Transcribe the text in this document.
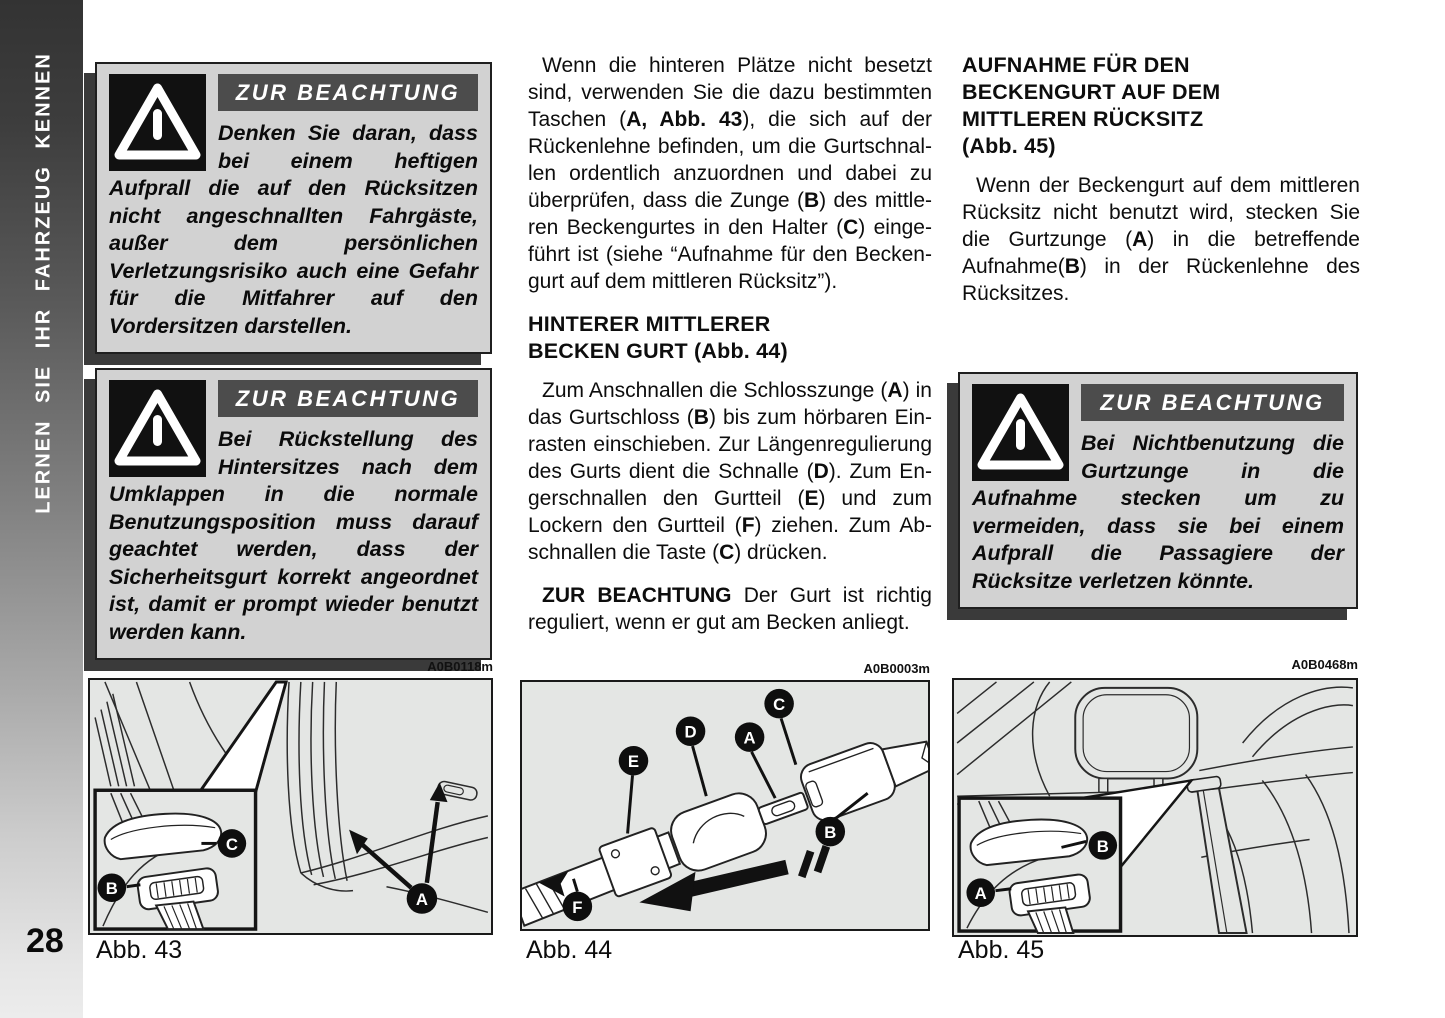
LERNEN SIE IHR FAHRZEUG KENNEN
28
ZUR BEACHTUNG

Denken Sie daran, dass bei einem heftigen Aufprall die auf den Rücksitzen nicht angeschnallten Fahrgäste, außer dem persönlichen Verletzungsrisiko auch eine Gefahr für die Mitfahrer auf den Vordersitzen darstellen.

ZUR BEACHTUNG

Bei Rückstellung des Hintersitzes nach dem Umklappen in die normale Benutzungsposition muss darauf geachtet werden, dass der Sicherheitsgurt korrekt angeordnet ist, damit er prompt wieder benutzt werden kann.

Wenn die hinteren Plätze nicht besetzt sind, verwenden Sie die dazu bestimmten Taschen (A, Abb. 43), die sich auf der Rückenlehne befinden, um die Gurtschnallen ordentlich anzuordnen und dabei zu überprüfen, dass die Zunge (B) des mittleren Beckengurtes in den Halter (C) eingeführt ist (siehe “Aufnahme für den Beckengurt auf dem mittleren Rücksitz”).

HINTERER MITTLERER
BECKEN GURT (Abb. 44)

Zum Anschnallen die Schlosszunge (A) in das Gurtschloss (B) bis zum hörbaren Einrasten einschieben. Zur Längenregulierung des Gurts dient die Schnalle (D). Zum Engerschnallen den Gurtteil (E) und zum Lockern den Gurtteil (F) ziehen. Zum Abschnallen die Taste (C) drücken.

ZUR BEACHTUNG Der Gurt ist richtig reguliert, wenn er gut am Becken anliegt.

AUFNAHME FÜR DEN
BECKENGURT AUF DEM
MITTLEREN RÜCKSITZ
(Abb. 45)

Wenn der Beckengurt auf dem mittleren Rücksitz nicht benutzt wird, stecken Sie die Gurtzunge (A) in die betreffende Aufnahme(B) in der Rückenlehne des Rücksitzes.

ZUR BEACHTUNG

Bei Nichtbenutzung die Gurtzunge in die Aufnahme stecken um zu vermeiden, dass sie bei einem Aufprall die Passagiere der Rücksitze verletzen könnte.

A0B0118m
C
B
A
Abb. 43
A0B0003m
C
D	A
E
B
F
Abb. 44
A0B0468m
B
A
Abb. 45
